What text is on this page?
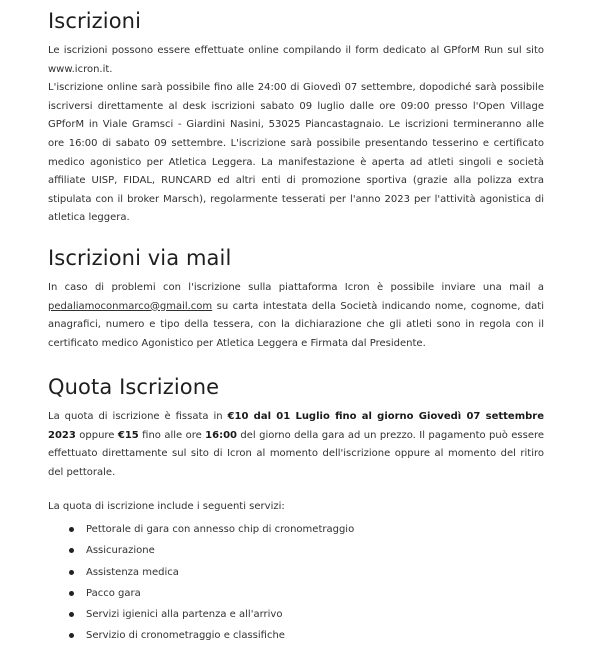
Iscrizioni

Le iscrizioni possono essere effettuate online compilando il form dedicato al GPforM Run sul sito www.icron.it.

L'iscrizione online sarà possibile fino alle 24:00 di Giovedì 07 settembre, dopodiché sarà possibile iscriversi direttamente al desk iscrizioni sabato 09 luglio dalle ore 09:00 presso l'Open Village GPforM in Viale Gramsci - Giardini Nasini, 53025 Piancastagnaio. Le iscrizioni termineranno alle ore 16:00 di sabato 09 settembre. L'iscrizione sarà possibile presentando tesserino e certificato medico agonistico per Atletica Leggera. La manifestazione è aperta ad atleti singoli e società affiliate UISP, FIDAL, RUNCARD ed altri enti di promozione sportiva (grazie alla polizza extra stipulata con il broker Marsch), regolarmente tesserati per l'anno 2023 per l'attività agonistica di atletica leggera.

Iscrizioni via mail

In caso di problemi con l'iscrizione sulla piattaforma Icron è possibile inviare una mail a pedaliamoconmarco@gmail.com su carta intestata della Società indicando nome, cognome, dati anagrafici, numero e tipo della tessera, con la dichiarazione che gli atleti sono in regola con il certificato medico Agonistico per Atletica Leggera e Firmata dal Presidente.

Quota Iscrizione

La quota di iscrizione è fissata in €10 dal 01 Luglio fino al giorno Giovedì 07 settembre 2023 oppure €15 fino alle ore 16:00 del giorno della gara ad un prezzo. Il pagamento può essere effettuato direttamente sul sito di Icron al momento dell'iscrizione oppure al momento del ritiro del pettorale.

La quota di iscrizione include i seguenti servizi:

Pettorale di gara con annesso chip di cronometraggio
Assicurazione
Assistenza medica
Pacco gara
Servizi igienici alla partenza e all'arrivo
Servizio di cronometraggio e classifiche
